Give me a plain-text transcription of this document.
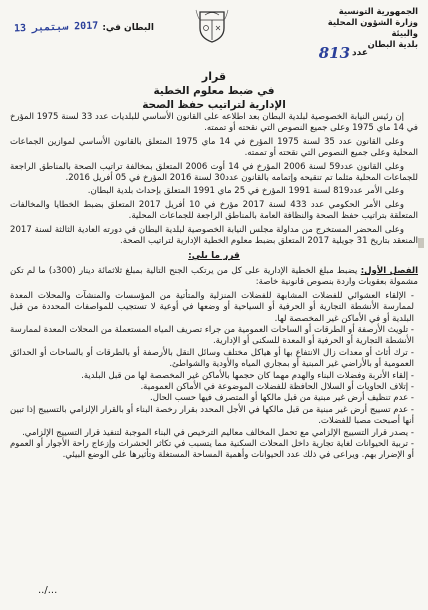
الجمهورية التونسية
وزارة الشؤون المحلية والبيئة
بلدية البطان
813 عدد
البطان في:
2017 سبتمبر 13
قرار
في ضبط معلوم الخطية
الإدارية لتراتيب حفظ الصحة

إن رئيس النيابة الخصوصية لبلدية البطان بعد اطلاعه على القانون الأساسي للبلديات عدد 33 لسنة 1975 المؤرخ في 14 ماي 1975 وعلى جميع النصوص التي نقحته أو تممته.

وعلى القانون عدد 35 لسنة 1975 المؤرخ في 14 ماي 1975 المتعلق بالقانون الأساسي لموازين الجماعات المحلية وعلى جميع النصوص التي نقحته أو تممته.

وعلى القانون عدد59 لسنة 2006 المؤرخ في 14 أوت 2006 المتعلق بمخالفة تراتيب الصحة بالمناطق الراجعة للجماعات المحلية مثلما تم تنقيحه وإتمامه بالقانون عدد30 لسنة 2016 المؤرخ في 05 أفريل 2016.

وعلى الأمر عدد819 لسنة 1991 المؤرخ في 25 ماي 1991 المتعلق بإحداث بلدية البطان.

وعلى الأمر الحكومي عدد 433 لسنة 2017 مؤرخ في 10 أفريل 2017 المتعلق بضبط الخطايا والمخالفات المتعلقة بتراتيب حفظ الصحة والنظافة العامة بالمناطق الراجعة للجماعات المحلية.

وعلى المحضر المستخرج من مداولة مجلس النيابة الخصوصية لبلدية البطان في دورته العادية الثالثة لسنة 2017 المنعقد بتاريخ 31 جويلية 2017 المتعلق بضبط معلوم الخطية الإدارية لتراتيب الصحة.

قرر ما يلي:

الفصل الأول: يضبط مبلغ الخطية الإدارية على كل من يرتكب الجنح التالية بمبلغ ثلاثمائة دينار (300د) ما لم تكن مشمولة بعقوبات واردة بنصوص قانونية خاصة:

- الإلقاء العشوائي للفضلات المشابهة للفضلات المنزلية والمتأتية من المؤسسات والمنشآت والمحلات المعدة لممارسة الأنشطة التجارية أو الحرفية أو السياحية أو وضعها في أوعية لا تستجيب للمواصفات المحددة من قبل البلدية أو في الأماكن غير المخصصة لها.

- تلويث الأرصفة أو الطرقات أو الساحات العمومية من جراء تصريف المياه المستعملة من المحلات المعدة لممارسة الأنشطة التجارية أو الحرفية أو المعدة للسكنى أو الإدارية.

- ترك أثاث أو معدات زال الانتفاع بها أو هياكل مختلف وسائل النقل بالأرصفة أو بالطرقات أو بالساحات أو الحدائق العمومية أو بالأراضي غير المبنية أو بمجاري المياه والأودية والشواطئ.

- إلقاء الأتربة وفضلات البناء والهدم مهما كان حجمها بالأماكن غير المخصصة لها من قبل البلدية.

- إتلاف الحاويات أو السلال الحافظة للفضلات الموضوعة في الأماكن العمومية.

- عدم تنظيف أرض غير مبنية من قبل مالكها أو المتصرف فيها حسب الحال.

- عدم تسييج أرض غير مبنية من قبل مالكها في الأجل المحدد بقرار رخصة البناء أو بالقرار الإلزامي بالتسييج إذا تبين أنها أصبحت مصبا للفضلات.

- يصدر قرار التسييج الإلزامي مع تحمل المخالف معاليم الترخيص في البناء الموجبة لتنفيذ قرار التسييج الإلزامي.

- تربية الحيوانات لغاية تجارية داخل المحلات السكنية مما يتسبب في تكاثر الحشرات وإزعاج راحة الأجوار أو العموم أو الإضرار بهم. ويراعى في ذلك عدد الحيوانات وأهمية المساحة المستغلة وتأثيرها على الوضع البيئي.

../...
